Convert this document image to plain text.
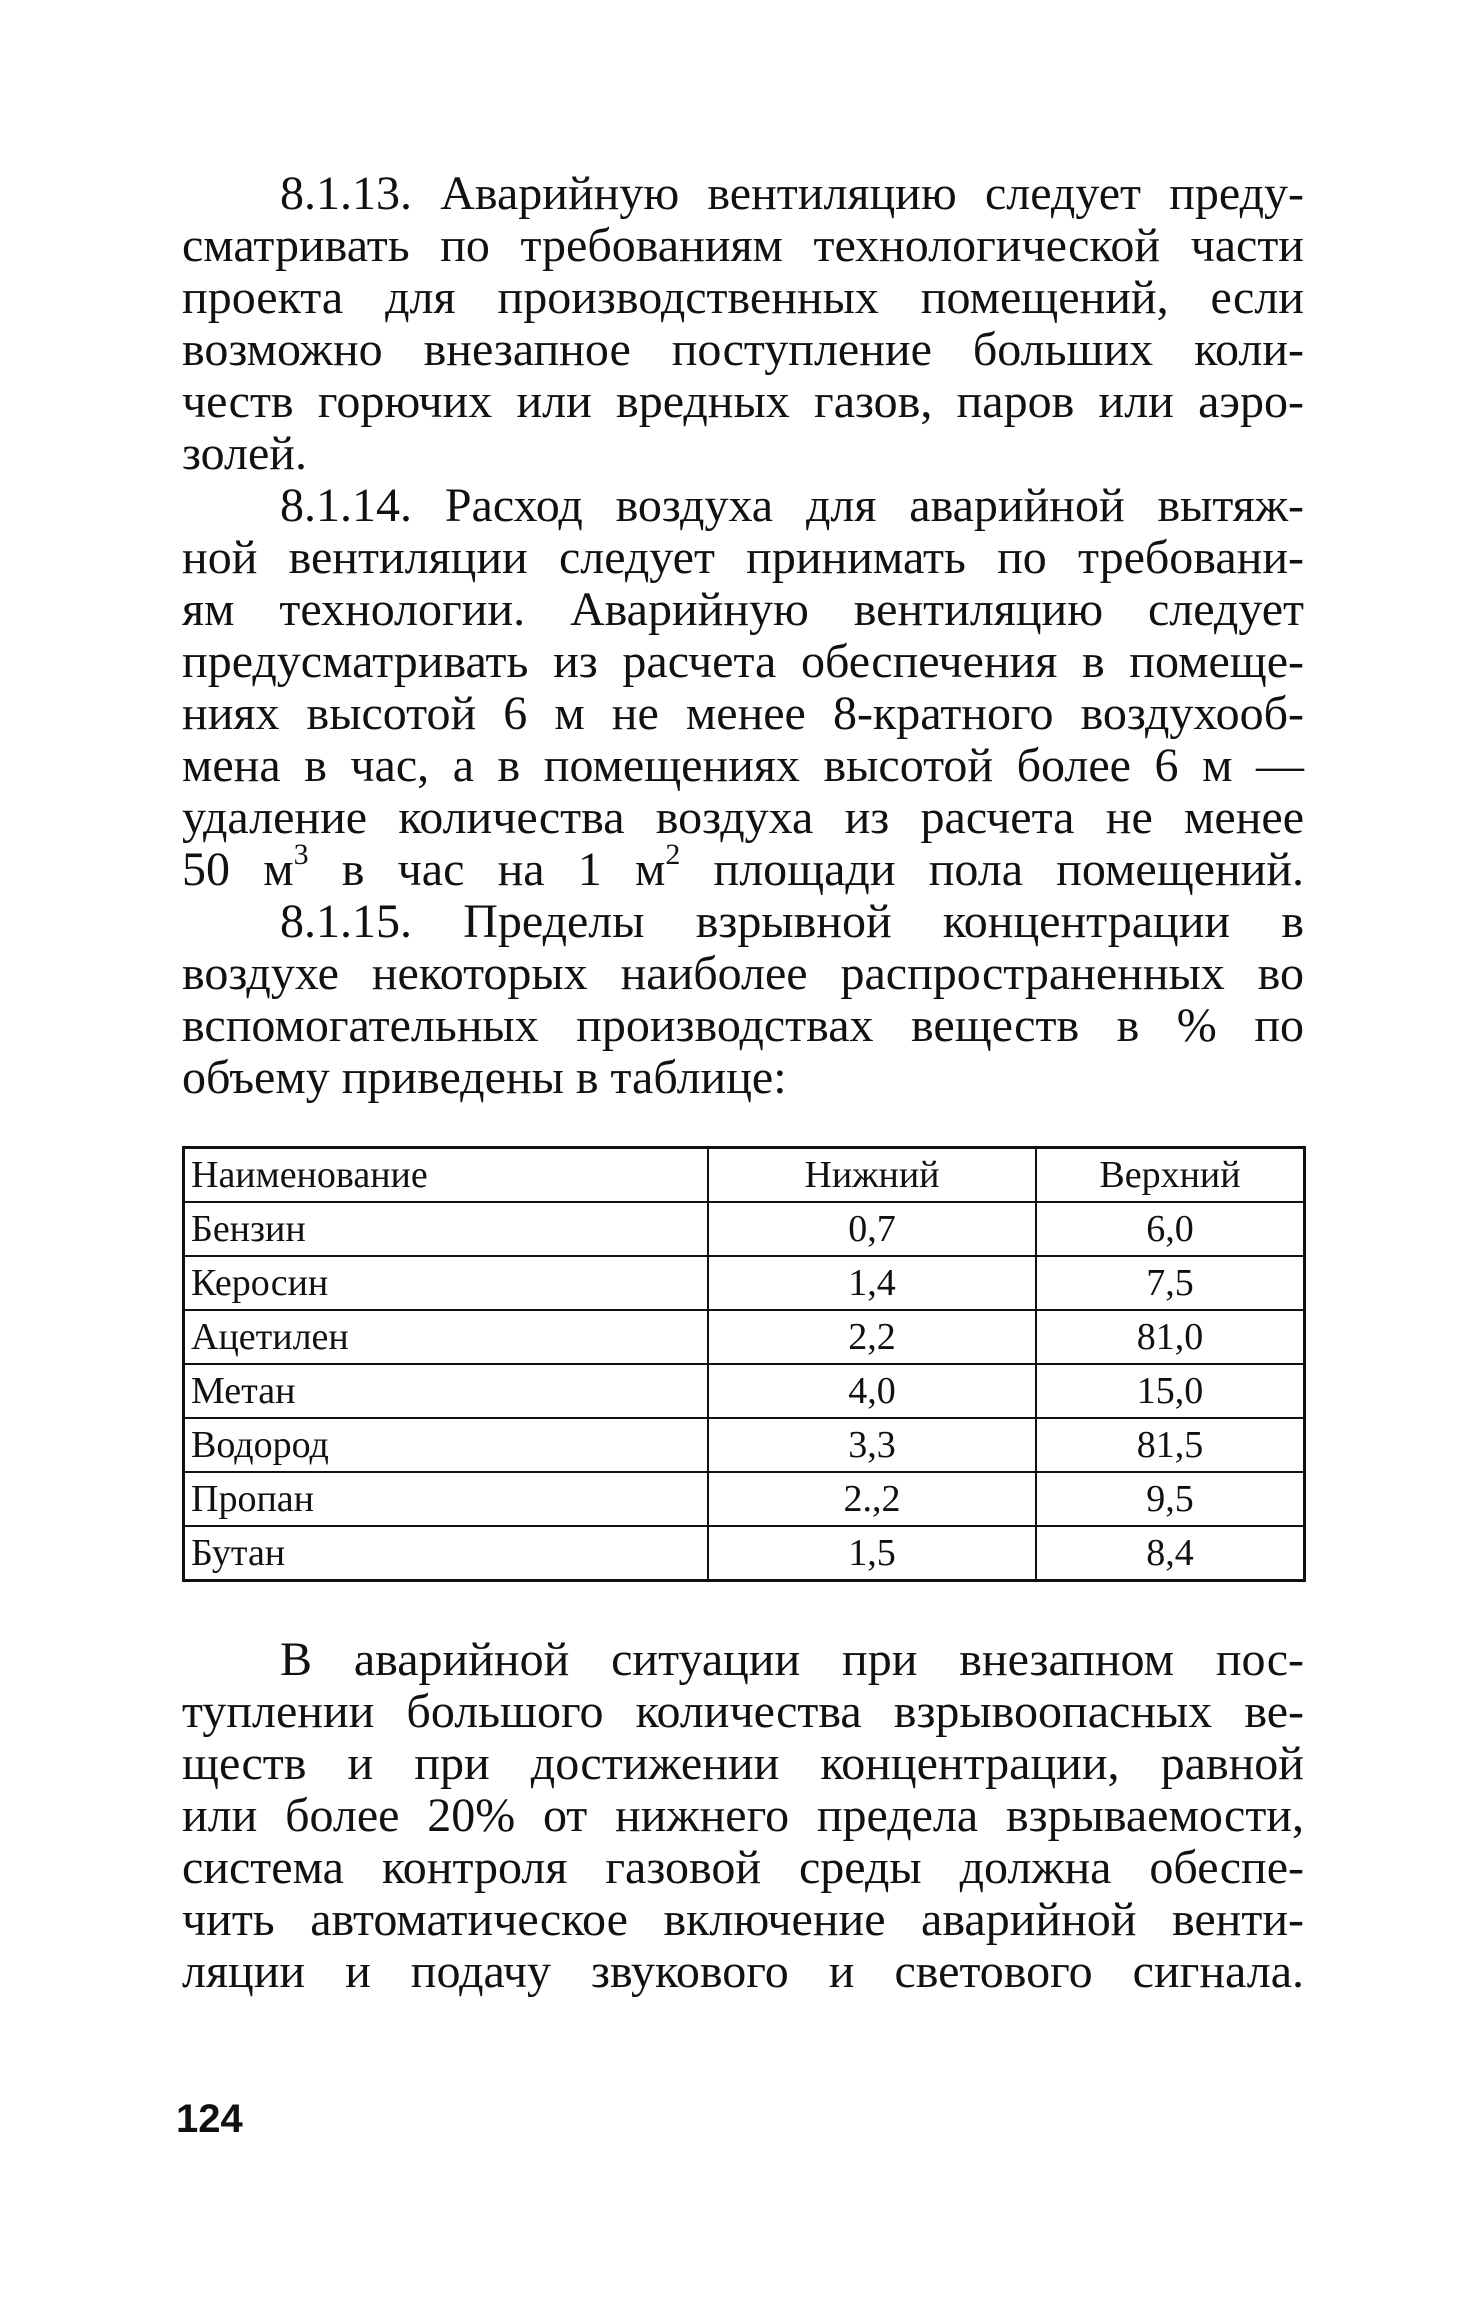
8.1.13. Аварийную вентиляцию следует преду-
сматривать по требованиям технологической части
проекта для производственных помещений, если
возможно внезапное поступление больших коли-
честв горючих или вредных газов, паров или аэро-
золей.
8.1.14. Расход воздуха для аварийной вытяж-
ной вентиляции следует принимать по требовани-
ям технологии. Аварийную вентиляцию следует
предусматривать из расчета обеспечения в помеще-
ниях высотой 6 м не менее 8-кратного воздухооб-
мена в час, а в помещениях высотой более 6 м —
удаление количества воздуха из расчета не менее
50 $м^3$ в час на 1 $м^2$ площади пола помещений.
8.1.15. Пределы взрывной концентрации в
воздухе некоторых наиболее распространенных во
вспомогательных производствах веществ в % по
объему приведены в таблице:
Наименование	Нижний	Верхний
Бензин	0,7	6,0
Керосин	1,4	7,5
Ацетилен	2,2	81,0
Метан	4,0	15,0
Водород	3,3	81,5
Пропан	2.,2	9,5
Бутан	1,5	8,4
В аварийной ситуации при внезапном пос-
туплении большого количества взрывоопасных ве-
ществ и при достижении концентрации, равной
или более 20% от нижнего предела взрываемости,
система контроля газовой среды должна обеспе-
чить автоматическое включение аварийной венти-
ляции и подачу звукового и светового сигнала.
124
